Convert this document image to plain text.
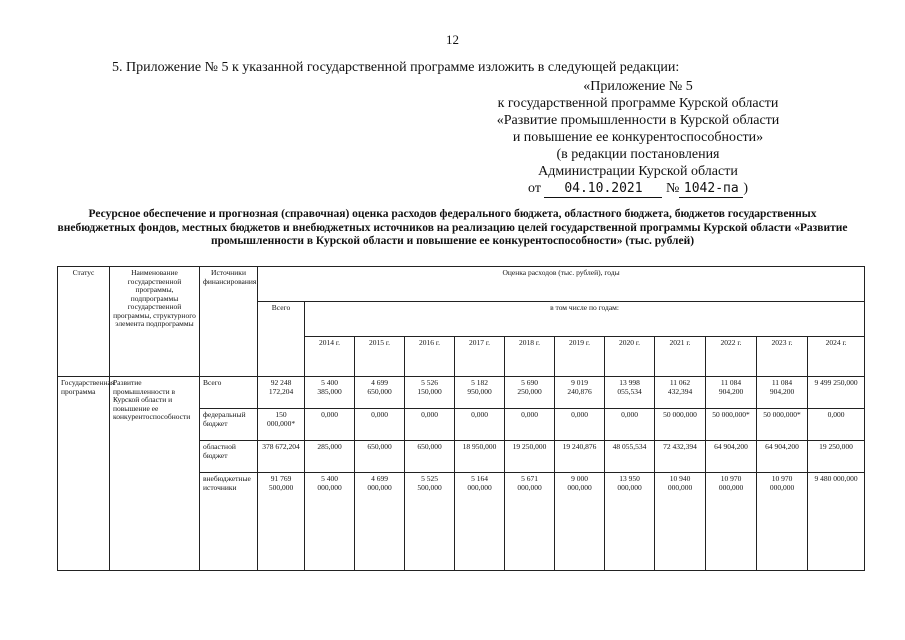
12
5. Приложение № 5 к указанной государственной программе изложить в следующей редакции:
«Приложение № 5
к государственной программе Курской области
«Развитие промышленности в Курской области
и повышение ее конкурентоспособности»
(в редакции постановления
Администрации Курской области
от 04.10.2021 № 1042-па )
Ресурсное обеспечение и прогнозная (справочная) оценка расходов федерального бюджета, областного бюджета, бюджетов государственных внебюджетных фондов, местных бюджетов и внебюджетных источников на реализацию целей государственной программы Курской области «Развитие промышленности в Курской области и повышение ее конкурентоспособности» (тыс. рублей)
Статус	Наименование государственной программы, подпрограммы государственной программы, структурного элемента подпрограммы	Источники финансирования	Оценка расходов (тыс. рублей), годы											
			Всего	в том числе по годам:										
				2014 г.	2015 г.	2016 г.	2017 г.	2018 г.	2019 г.	2020 г.	2021 г.	2022 г.	2023 г.	2024 г.
Государственная программа	Развитие промышленности в Курской области и повышение ее конкурентоспособности	Всего	92 248 172,204	5 400 385,000	4 699 650,000	5 526 150,000	5 182 950,000	5 690 250,000	9 019 240,876	13 998 055,534	11 062 432,394	11 084 904,200	11 084 904,200	9 499 250,000
		федеральный бюджет	150 000,000*	0,000	0,000	0,000	0,000	0,000	0,000	0,000	50 000,000	50 000,000*	50 000,000*	0,000
		областной бюджет	378 672,204	285,000	650,000	650,000	18 950,000	19 250,000	19 240,876	48 055,534	72 432,394	64 904,200	64 904,200	19 250,000
		внебюджетные источники	91 769 500,000	5 400 000,000	4 699 000,000	5 525 500,000	5 164 000,000	5 671 000,000	9 000 000,000	13 950 000,000	10 940 000,000	10 970 000,000	10 970 000,000	9 480 000,000
